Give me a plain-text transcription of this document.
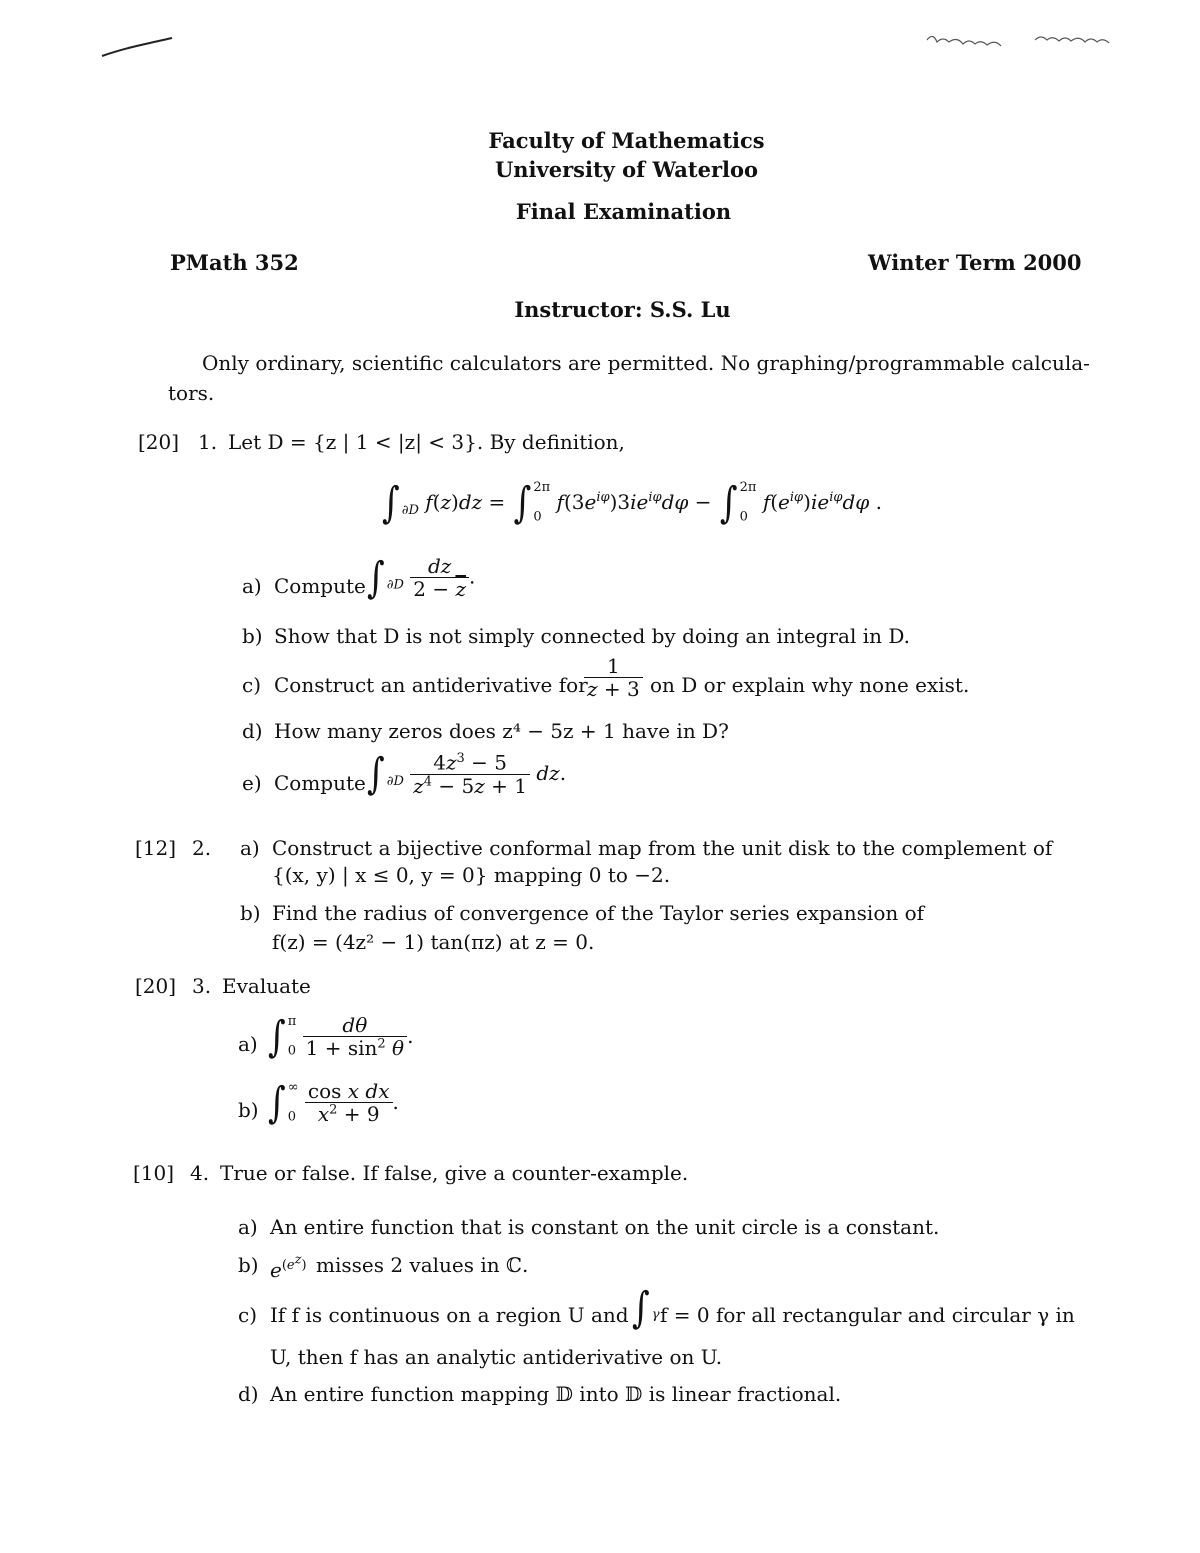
Faculty of Mathematics
University of Waterloo
Final Examination
PMath 352	Winter Term 2000
Instructor: S.S. Lu
Only ordinary, scientific calculators are permitted. No graphing/programmable calcula-
tors.
[20] 1. Let D = {z | 1 < |z| < 3}. By definition,
∫ $_{\partial D}$ f(z)dz = ∫ $^{2\pi}$
$_0$ $f(3e^{i\varphi})3ie^{i\varphi}d\varphi$ − ∫ $^{2\pi}$
$_0$ $f(e^{i\varphi})ie^{i\varphi}d\varphi$ .
a) Compute ∫ $_{\partial D} \frac{dz}{2 - \overline{z}}$ .
b) Show that D is not simply connected by doing an integral in D.
c) Construct an antiderivative for
$\frac{1}{z + 3}$ on D or explain why none exist.
d) How many zeros does z⁴ − 5z + 1 have in D?
e) Compute ∫ $_{\partial D} \frac{4z^3 - 5}{z^4 - 5z + 1}$ dz.
[12] 2. a) Construct a bijective conformal map from the unit disk to the complement of
{(x, y) | x ≤ 0, y = 0} mapping 0 to −2.
b) Find the radius of convergence of the Taylor series expansion of
f(z) = (4z² − 1) tan(πz) at z = 0.
[20] 3. Evaluate
a) ∫ $^\pi$
$_0 \frac{d\theta}{1 + \sin^2 \theta}$ .
b) ∫ ∞
$_0 \frac{\text{cos x dx}}{x^2 + 9}$ .
[10] 4. True or false. If false, give a counter-example.
a) An entire function that is constant on the unit circle is a constant.
b) $e^{(e^z)}$ misses 2 values in ℂ.
c) If f is continuous on a region U and ∫ $_\gamma$ f = 0 for all rectangular and circular γ in
U, then f has an analytic antiderivative on U.
d) An entire function mapping 𝔻 into 𝔻 is linear fractional.
